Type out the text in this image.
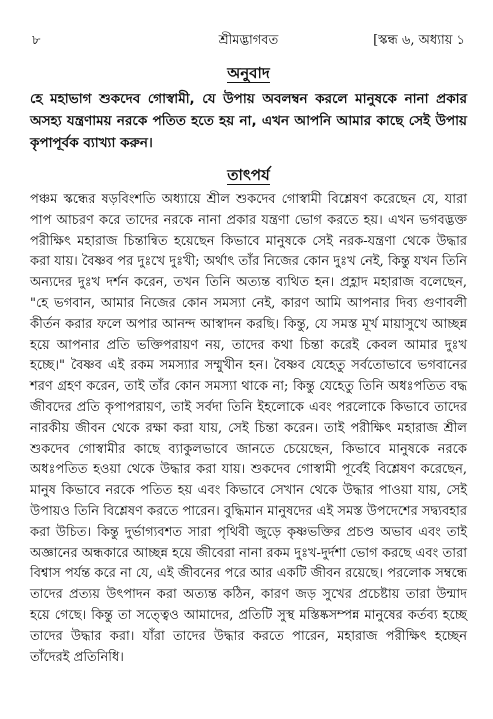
৮	শ্রীমদ্ভাগবত	[স্কন্ধ ৬, অধ্যায় ১
অনুবাদ
হে মহাভাগ শুকদেব গোস্বামী, যে উপায় অবলম্বন করলে মানুষকে নানা প্রকার অসহ্য যন্ত্রণাময় নরকে পতিত হতে হয় না, এখন আপনি আমার কাছে সেই উপায় কৃপাপূর্বক ব্যাখ্যা করুন।
তাৎপর্য

পঞ্চম স্কন্ধের ষড়বিংশতি অধ্যায়ে শ্রীল শুকদেব গোস্বামী বিশ্লেষণ করেছেন যে, যারা পাপ আচরণ করে তাদের নরকে নানা প্রকার যন্ত্রণা ভোগ করতে হয়। এখন ভগবদ্ভক্ত পরীক্ষিৎ মহারাজ চিন্তান্বিত হয়েছেন কিভাবে মানুষকে সেই নরক-যন্ত্রণা থেকে উদ্ধার করা যায়। বৈষ্ণব পর দুঃখে দুঃখী; অর্থাৎ তাঁর নিজের কোন দুঃখ নেই, কিন্তু যখন তিনি অন্যদের দুঃখ দর্শন করেন, তখন তিনি অত্যন্ত ব্যথিত হন। প্রহ্লাদ মহারাজ বলেছেন, "হে ভগবান, আমার নিজের কোন সমস্যা নেই, কারণ আমি আপনার দিব্য গুণাবলী কীর্তন করার ফলে অপার আনন্দ আস্বাদন করছি। কিন্তু, যে সমস্ত মূর্খ মায়াসুখে আচ্ছন্ন হয়ে আপনার প্রতি ভক্তিপরায়ণ নয়, তাদের কথা চিন্তা করেই কেবল আমার দুঃখ হচ্ছে।" বৈষ্ণব এই রকম সমস্যার সম্মুখীন হন। বৈষ্ণব যেহেতু সর্বতোভাবে ভগবানের শরণ গ্রহণ করেন, তাই তাঁর কোন সমস্যা থাকে না; কিন্তু যেহেতু তিনি অধঃপতিত বদ্ধ জীবদের প্রতি কৃপাপরায়ণ, তাই সর্বদা তিনি ইহলোকে এবং পরলোকে কিভাবে তাদের নারকীয় জীবন থেকে রক্ষা করা যায়, সেই চিন্তা করেন। তাই পরীক্ষিৎ মহারাজ শ্রীল শুকদেব গোস্বামীর কাছে ব্যাকুলভাবে জানতে চেয়েছেন, কিভাবে মানুষকে নরকে অধঃপতিত হওয়া থেকে উদ্ধার করা যায়। শুকদেব গোস্বামী পূর্বেই বিশ্লেষণ করেছেন, মানুষ কিভাবে নরকে পতিত হয় এবং কিভাবে সেখান থেকে উদ্ধার পাওয়া যায়, সেই উপায়ও তিনি বিশ্লেষণ করতে পারেন। বুদ্ধিমান মানুষদের এই সমস্ত উপদেশের সদ্ব্যবহার করা উচিত। কিন্তু দুর্ভাগ্যবশত সারা পৃথিবী জুড়ে কৃষ্ণভক্তির প্রচণ্ড অভাব এবং তাই অজ্ঞানের অন্ধকারে আচ্ছন্ন হয়ে জীবেরা নানা রকম দুঃখ-দুর্দশা ভোগ করছে এবং তারা বিশ্বাস পর্যন্ত করে না যে, এই জীবনের পরে আর একটি জীবন রয়েছে। পরলোক সম্বন্ধে তাদের প্রত্যয় উৎপাদন করা অত্যন্ত কঠিন, কারণ জড় সুখের প্রচেষ্টায় তারা উন্মাদ হয়ে গেছে। কিন্তু তা সত্ত্বেও আমাদের, প্রতিটি সুস্থ মস্তিষ্কসম্পন্ন মানুষের কর্তব্য হচ্ছে তাদের উদ্ধার করা। যাঁরা তাদের উদ্ধার করতে পারেন, মহারাজ পরীক্ষিৎ হচ্ছেন তাঁদেরই প্রতিনিধি।
